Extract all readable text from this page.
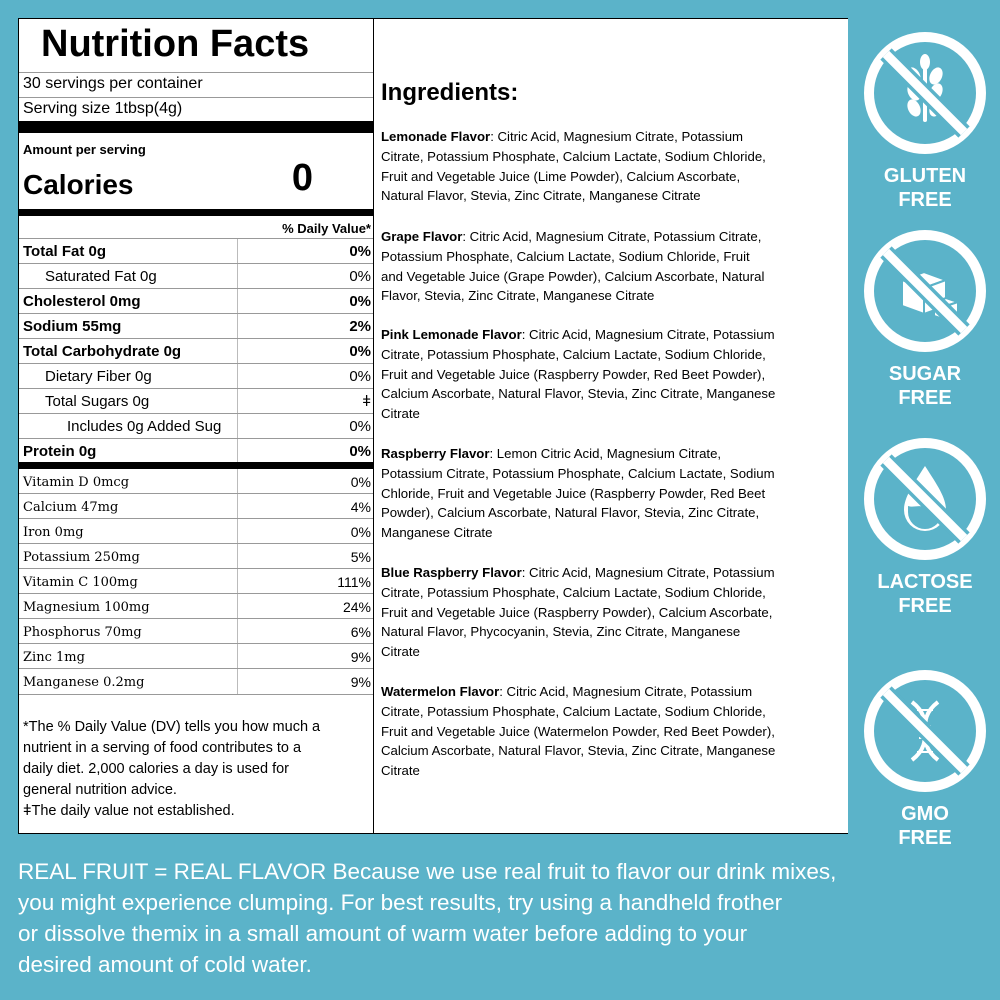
Nutrition Facts
30 servings per container
Serving size 1tbsp(4g)
Amount per serving
Calories	0
% Daily Value*
Total Fat 0g	0%
Saturated Fat 0g	0%
Cholesterol 0mg	0%
Sodium 55mg	2%
Total Carbohydrate 0g	0%
Dietary Fiber 0g	0%
Total Sugars 0g	ǂ
Includes 0g Added Sug	0%
Protein 0g	0%
Vitamin D 0mcg	0%
Calcium 47mg	4%
Iron 0mg	0%
Potassium 250mg	5%
Vitamin C 100mg	111%
Magnesium 100mg	24%
Phosphorus 70mg	6%
Zinc 1mg	9%
Manganese 0.2mg	9%
*The % Daily Value (DV) tells you how much a
nutrient in a serving of food contributes to a
daily diet. 2,000 calories a day is used for
general nutrition advice.
ǂThe daily value not established.
Ingredients:
Lemonade Flavor: Citric Acid, Magnesium Citrate, Potassium
Citrate, Potassium Phosphate, Calcium Lactate, Sodium Chloride,
Fruit and Vegetable Juice (Lime Powder), Calcium Ascorbate,
Natural Flavor, Stevia, Zinc Citrate, Manganese Citrate
Grape Flavor: Citric Acid, Magnesium Citrate, Potassium Citrate,
Potassium Phosphate, Calcium Lactate, Sodium Chloride, Fruit
and Vegetable Juice (Grape Powder), Calcium Ascorbate, Natural
Flavor, Stevia, Zinc Citrate, Manganese Citrate
Pink Lemonade Flavor: Citric Acid, Magnesium Citrate, Potassium
Citrate, Potassium Phosphate, Calcium Lactate, Sodium Chloride,
Fruit and Vegetable Juice (Raspberry Powder, Red Beet Powder),
Calcium Ascorbate, Natural Flavor, Stevia, Zinc Citrate, Manganese
Citrate
Raspberry Flavor: Lemon Citric Acid, Magnesium Citrate,
Potassium Citrate, Potassium Phosphate, Calcium Lactate, Sodium
Chloride, Fruit and Vegetable Juice (Raspberry Powder, Red Beet
Powder), Calcium Ascorbate, Natural Flavor, Stevia, Zinc Citrate,
Manganese Citrate
Blue Raspberry Flavor: Citric Acid, Magnesium Citrate, Potassium
Citrate, Potassium Phosphate, Calcium Lactate, Sodium Chloride,
Fruit and Vegetable Juice (Raspberry Powder), Calcium Ascorbate,
Natural Flavor, Phycocyanin, Stevia, Zinc Citrate, Manganese
Citrate
Watermelon Flavor: Citric Acid, Magnesium Citrate, Potassium
Citrate, Potassium Phosphate, Calcium Lactate, Sodium Chloride,
Fruit and Vegetable Juice (Watermelon Powder, Red Beet Powder),
Calcium Ascorbate, Natural Flavor, Stevia, Zinc Citrate, Manganese
Citrate
GLUTEN
FREE
SUGAR
FREE
LACTOSE
FREE
GMO
FREE
REAL FRUIT = REAL FLAVOR Because we use real fruit to flavor our drink mixes,
you might experience clumping. For best results, try using a handheld frother
or dissolve themix in a small amount of warm water before adding to your
desired amount of cold water.
